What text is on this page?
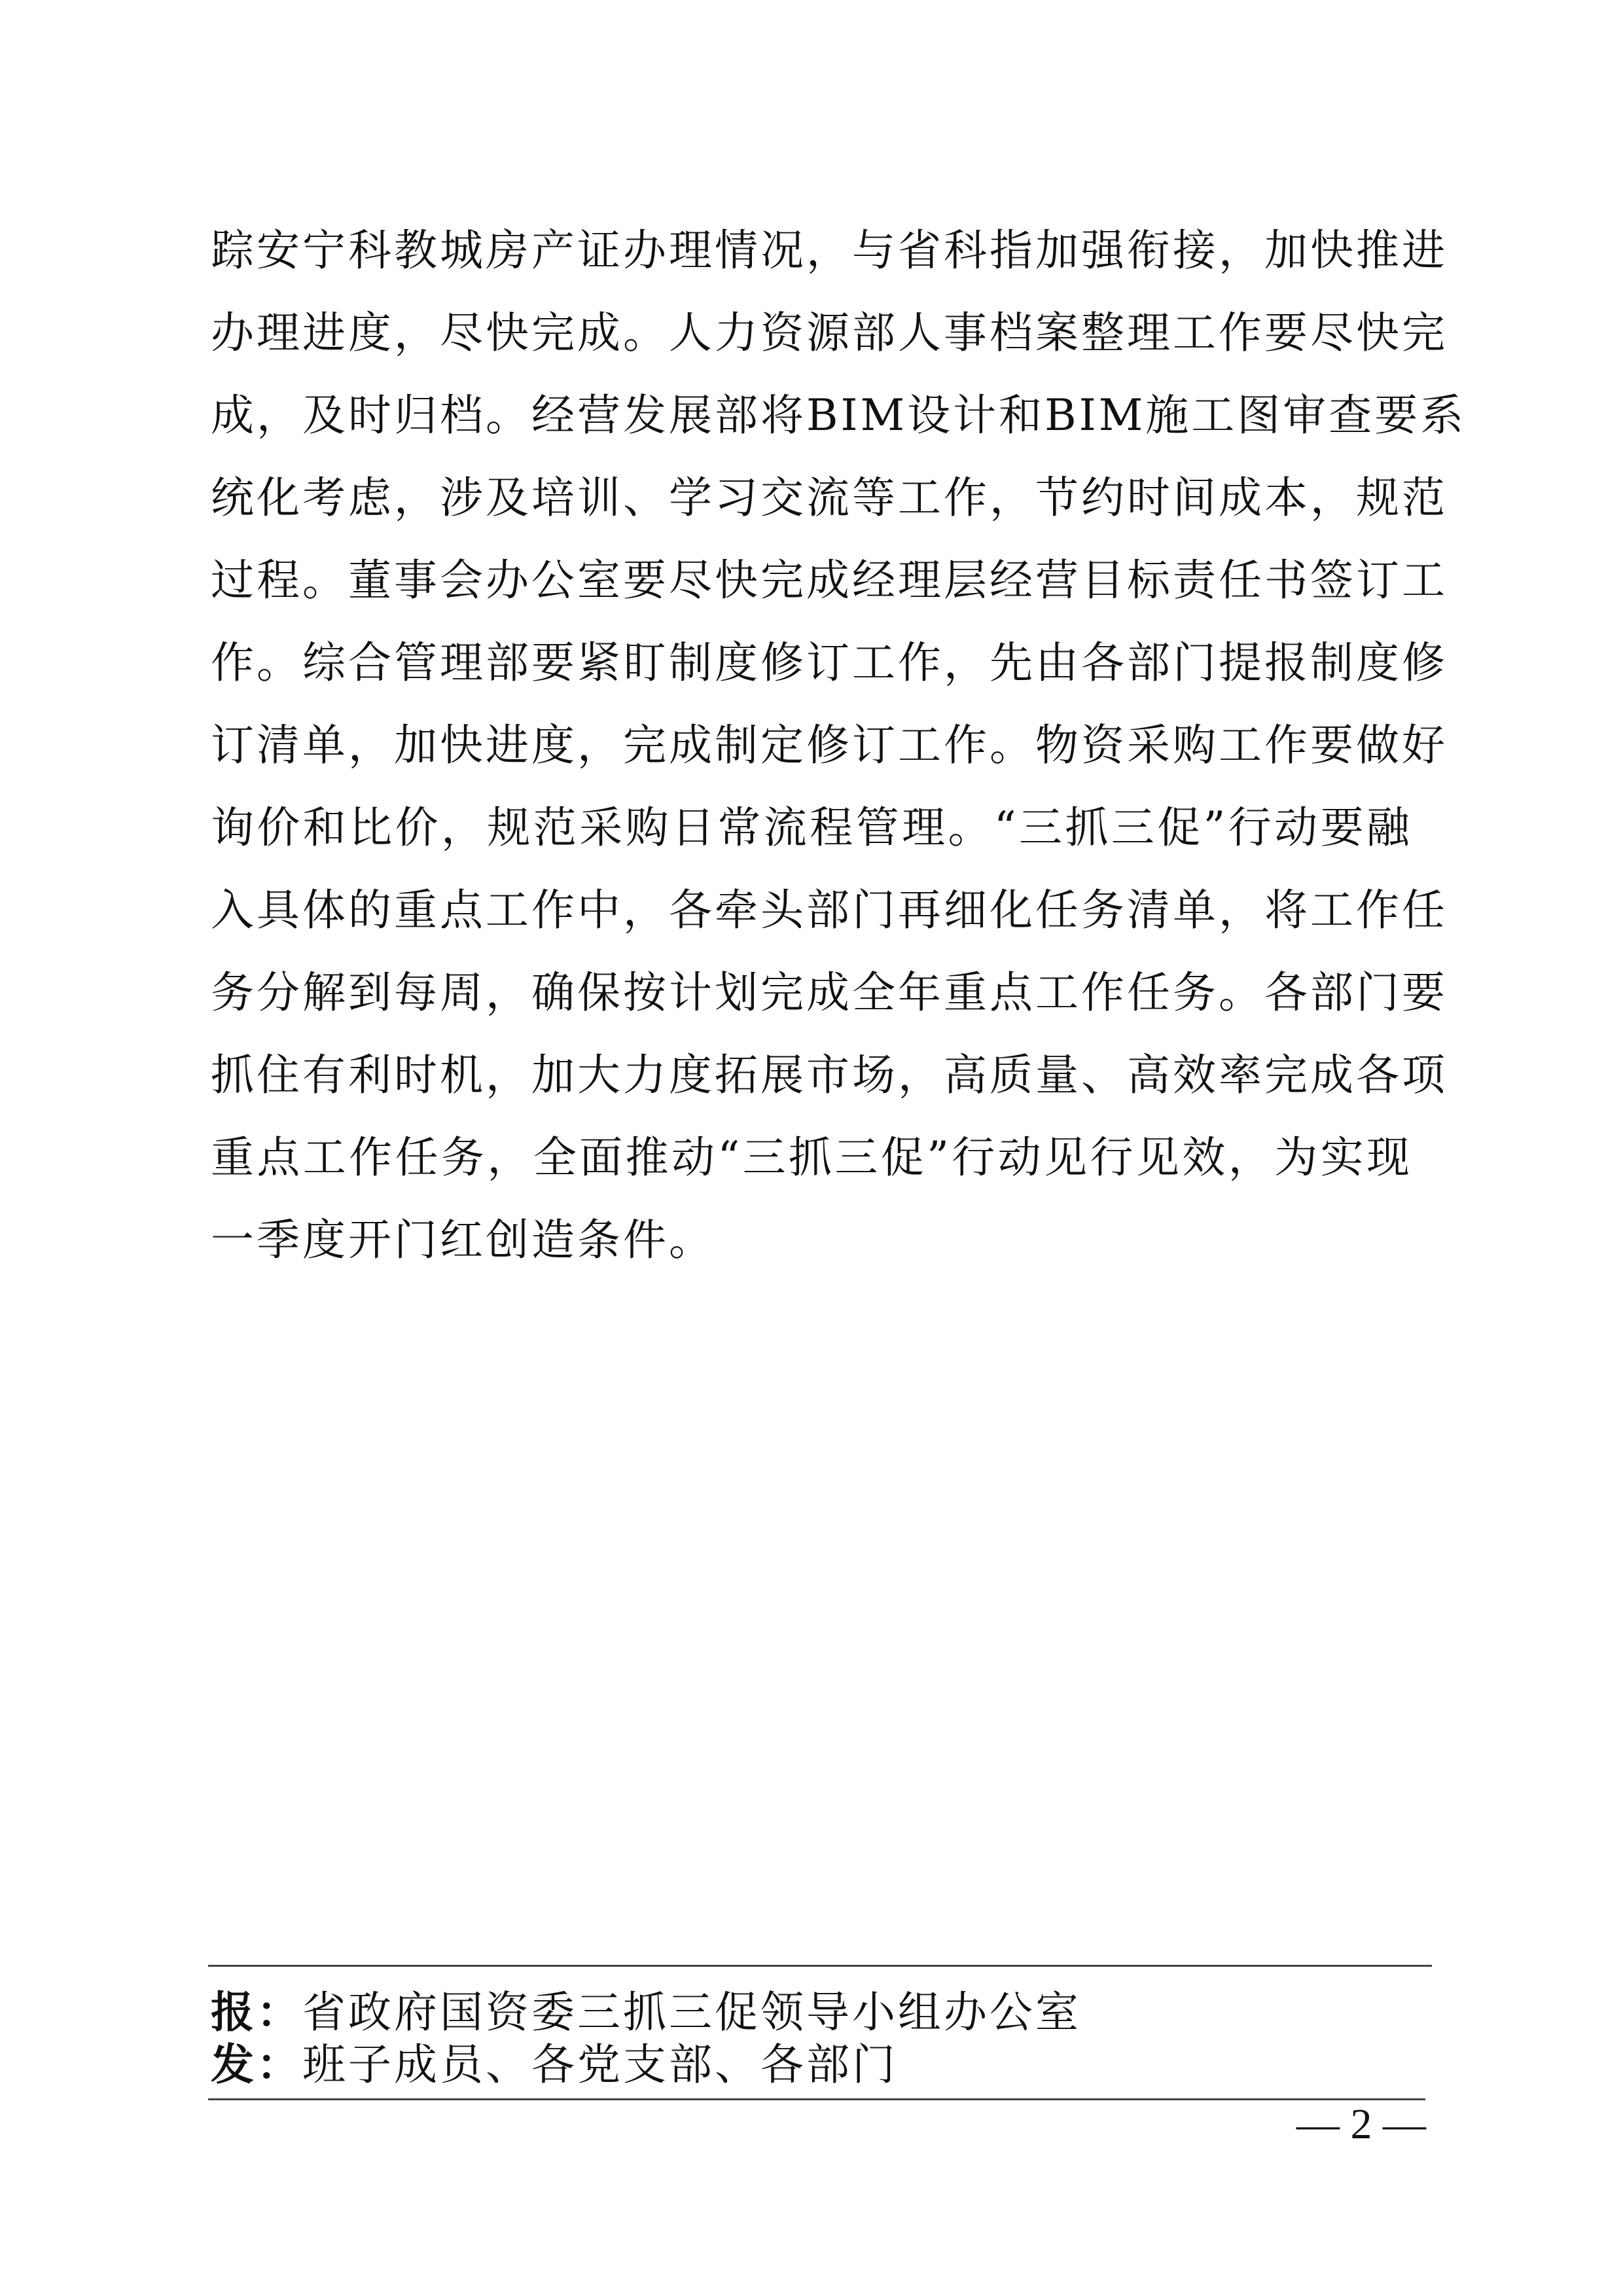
踪安宁科教城房产证办理情况，与省科指加强衔接，加快推进
办理进度，尽快完成。人力资源部人事档案整理工作要尽快完
成，及时归档。经营发展部将BIM设计和BIM施工图审查要系
统化考虑，涉及培训、学习交流等工作，节约时间成本，规范
过程。董事会办公室要尽快完成经理层经营目标责任书签订工
作。综合管理部要紧盯制度修订工作，先由各部门提报制度修
订清单，加快进度，完成制定修订工作。物资采购工作要做好
询价和比价，规范采购日常流程管理。“三抓三促”行动要融
入具体的重点工作中，各牵头部门再细化任务清单，将工作任
务分解到每周，确保按计划完成全年重点工作任务。各部门要
抓住有利时机，加大力度拓展市场，高质量、高效率完成各项
重点工作任务，全面推动“三抓三促”行动见行见效，为实现
一季度开门红创造条件。
报：省政府国资委三抓三促领导小组办公室
发：班子成员、各党支部、各部门
— 2 —
